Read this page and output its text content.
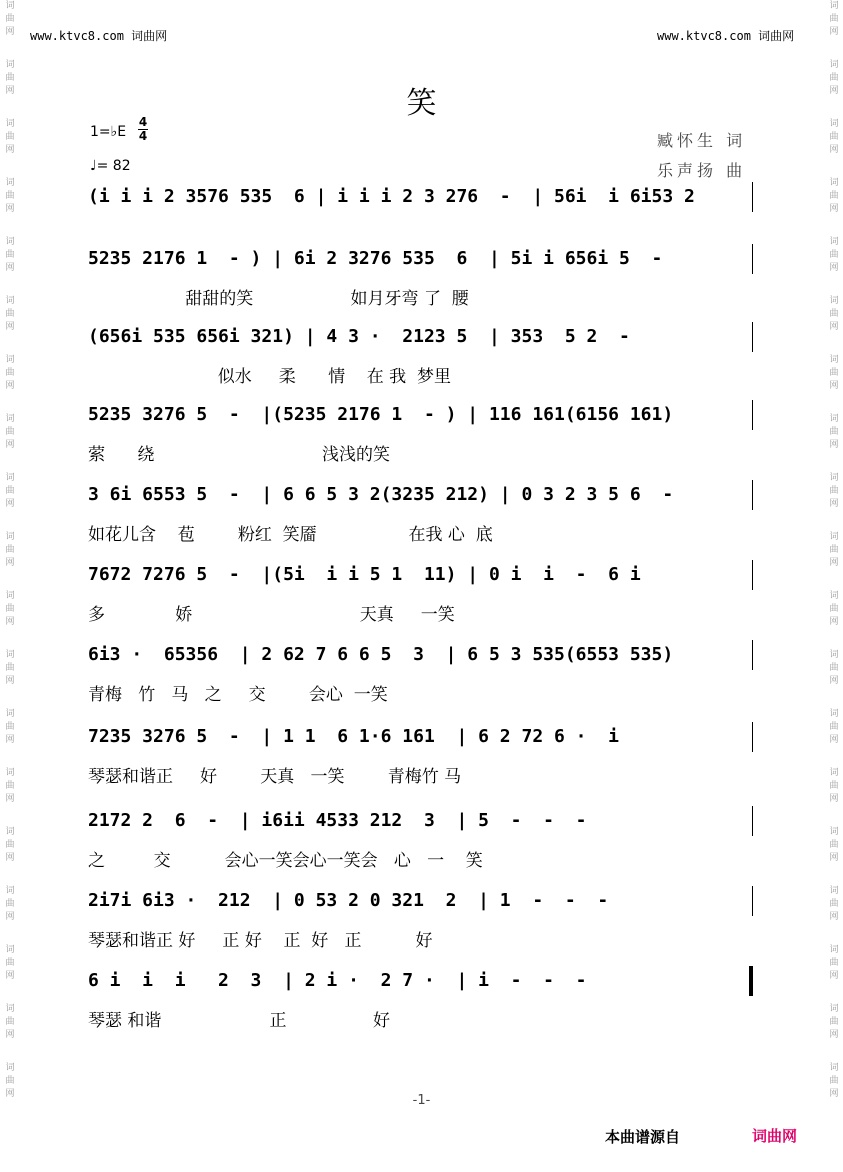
词
曲
网
词
曲
网
词
曲
网
词
曲
网
词
曲
网
词
曲
网
词
曲
网
词
曲
网
词
曲
网
词
曲
网
词
曲
网
词
曲
网
词
曲
网
词
曲
网
词
曲
网
词
曲
网
词
曲
网
词
曲
网
词
曲
网
词
曲
网
词
曲
网
词
曲
网
词
曲
网
词
曲
网
词
曲
网
词
曲
网
词
曲
网
词
曲
网
词
曲
网
词
曲
网
词
曲
网
词
曲
网
词
曲
网
词
曲
网
词
曲
网
词
曲
网
词
曲
网
词
曲
网
www.ktvc8.com 词曲网	www.ktvc8.com 词曲网
笑
1=♭E
4
4
♩= 82
臧怀生 词
乐声扬 曲
(i i i 2 3576 535  6 | i i i 2 3 276  -  | 56i  i 6i53 2
5235 2176 1  - ) | 6i 2 3276 535  6  | 5i i 656i 5  -
甜甜的笑                  如月牙弯 了  腰
(656i 535 656i 321) | 4 3 ·  2123 5  | 353  5 2  -
似水     柔      情    在 我  梦里
5235 3276 5  -  |(5235 2176 1  - ) | 116 161(6156 161)
萦      绕                               浅浅的笑
3 6i 6553 5  -  | 6 6 5 3 2(3235 212) | 0 3 2 3 5 6  -
如花儿含    苞        粉红  笑靥                 在我 心  底
7672 7276 5  -  |(5i  i i 5 1  11) | 0 i  i  -  6 i
多             娇                               天真     一笑
6i3 ·  65356  | 2 62 7 6 6 5  3  | 6 5 3 535(6553 535)
青梅   竹   马   之     交        会心  一笑
7235 3276 5  -  | 1 1  6 1·6 161  | 6 2 72 6 ·  i
琴瑟和谐正     好        天真   一笑        青梅竹 马
2172 2  6  -  | i6ii 4533 212  3  | 5  -  -  -
之         交          会心一笑会心一笑会   心   一    笑
2i7i 6i3 ·  212  | 0 53 2 0 321  2  | 1  -  -  -
琴瑟和谐正 好     正 好    正  好   正          好
6 i  i  i   2  3  | 2 i ·  2 7 ·  | i  -  -  -
琴瑟 和谐                    正                好
-1-
本曲谱源自	词曲网
